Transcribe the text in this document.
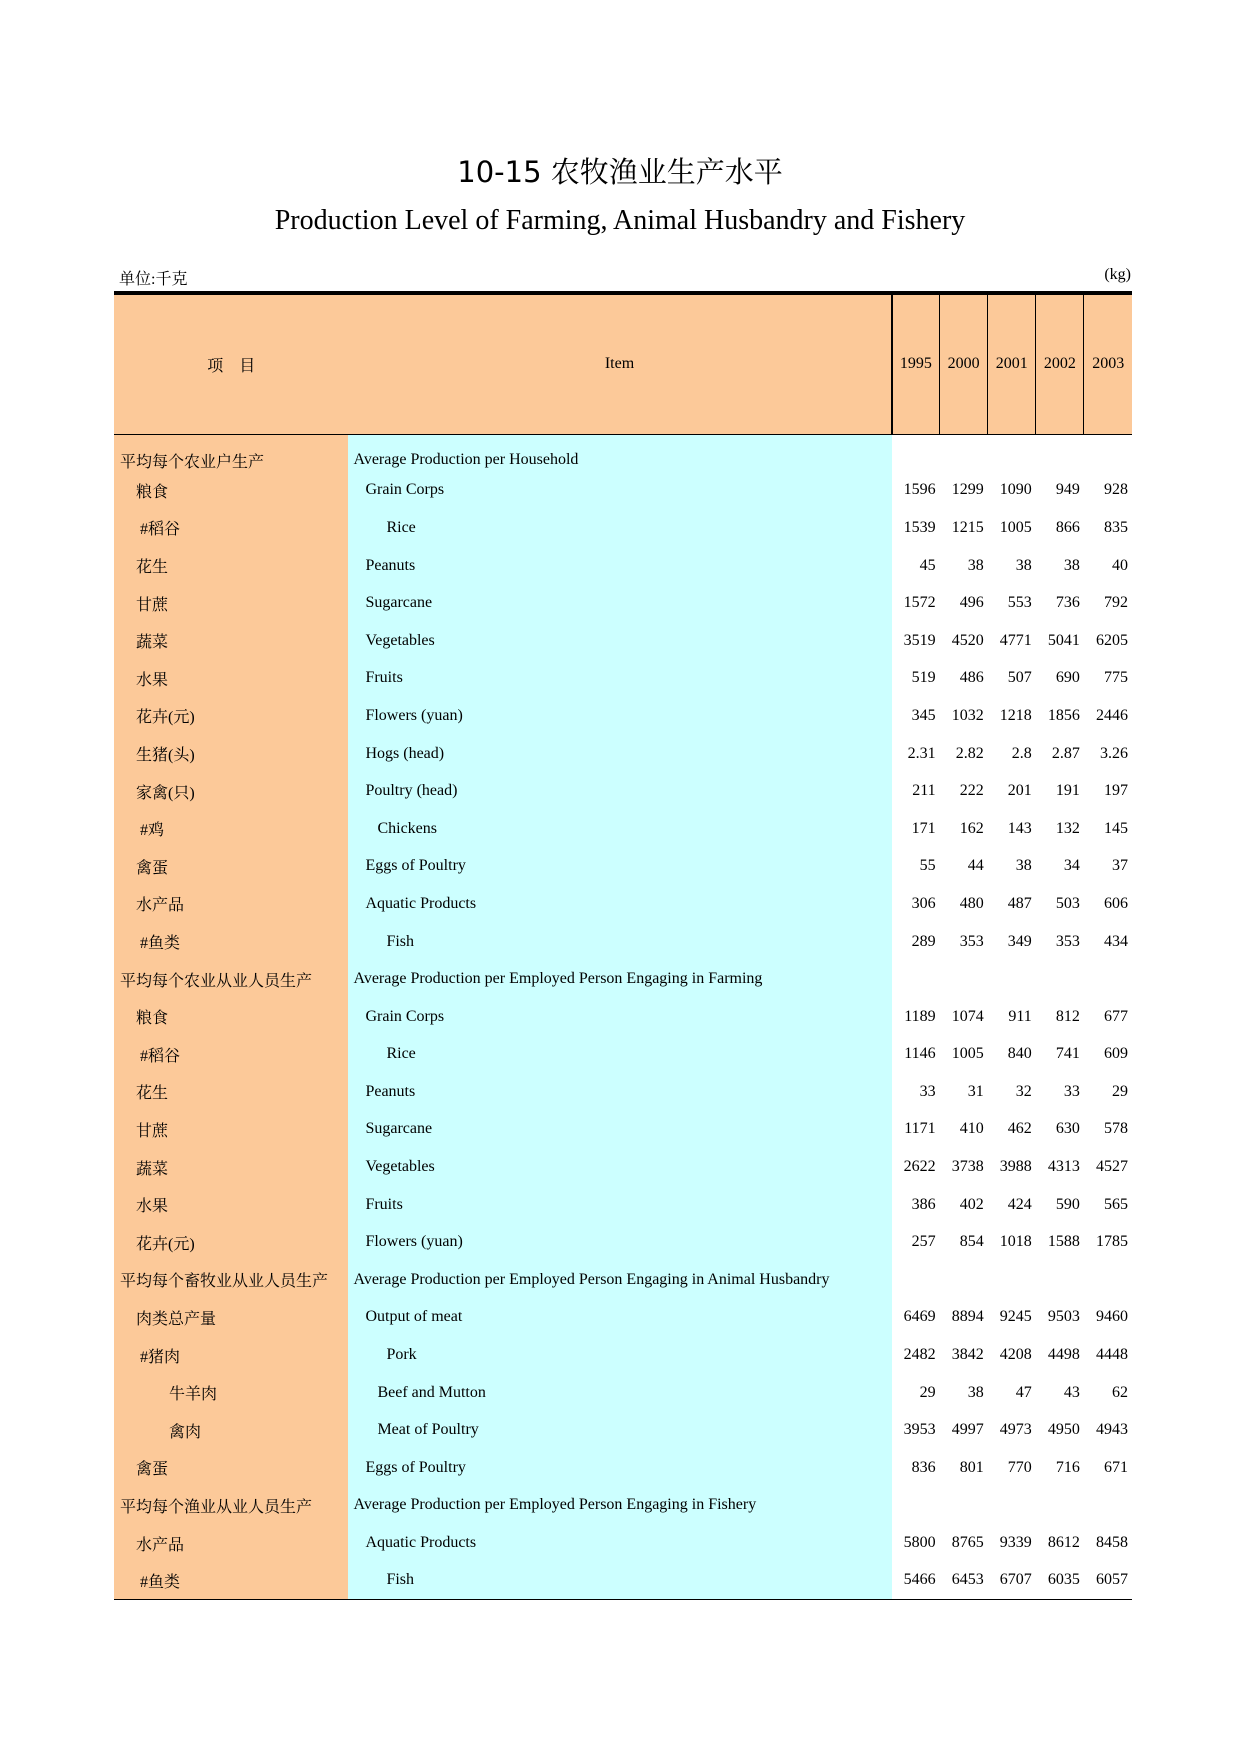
10-15 农牧渔业生产水平
Production Level of Farming, Animal Husbandry and Fishery
单位:千克	(kg)
项　目	Item	1995	2000	2001	2002	2003
平均每个农业户生产	Average Production per Household					
粮食	Grain Corps	1596	1299	1090	949	928
#稻谷	Rice	1539	1215	1005	866	835
花生	Peanuts	45	38	38	38	40
甘蔗	Sugarcane	1572	496	553	736	792
蔬菜	Vegetables	3519	4520	4771	5041	6205
水果	Fruits	519	486	507	690	775
花卉(元)	Flowers (yuan)	345	1032	1218	1856	2446
生猪(头)	Hogs (head)	2.31	2.82	2.8	2.87	3.26
家禽(只)	Poultry (head)	211	222	201	191	197
#鸡	Chickens	171	162	143	132	145
禽蛋	Eggs of Poultry	55	44	38	34	37
水产品	Aquatic Products	306	480	487	503	606
#鱼类	Fish	289	353	349	353	434
平均每个农业从业人员生产	Average Production per Employed Person Engaging in Farming					
粮食	Grain Corps	1189	1074	911	812	677
#稻谷	Rice	1146	1005	840	741	609
花生	Peanuts	33	31	32	33	29
甘蔗	Sugarcane	1171	410	462	630	578
蔬菜	Vegetables	2622	3738	3988	4313	4527
水果	Fruits	386	402	424	590	565
花卉(元)	Flowers (yuan)	257	854	1018	1588	1785
平均每个畜牧业从业人员生产	Average Production per Employed Person Engaging in Animal Husbandry					
肉类总产量	Output of meat	6469	8894	9245	9503	9460
#猪肉	Pork	2482	3842	4208	4498	4448
牛羊肉	Beef and Mutton	29	38	47	43	62
禽肉	Meat of Poultry	3953	4997	4973	4950	4943
禽蛋	Eggs of Poultry	836	801	770	716	671
平均每个渔业从业人员生产	Average Production per Employed Person Engaging in Fishery					
水产品	Aquatic Products	5800	8765	9339	8612	8458
#鱼类	Fish	5466	6453	6707	6035	6057
